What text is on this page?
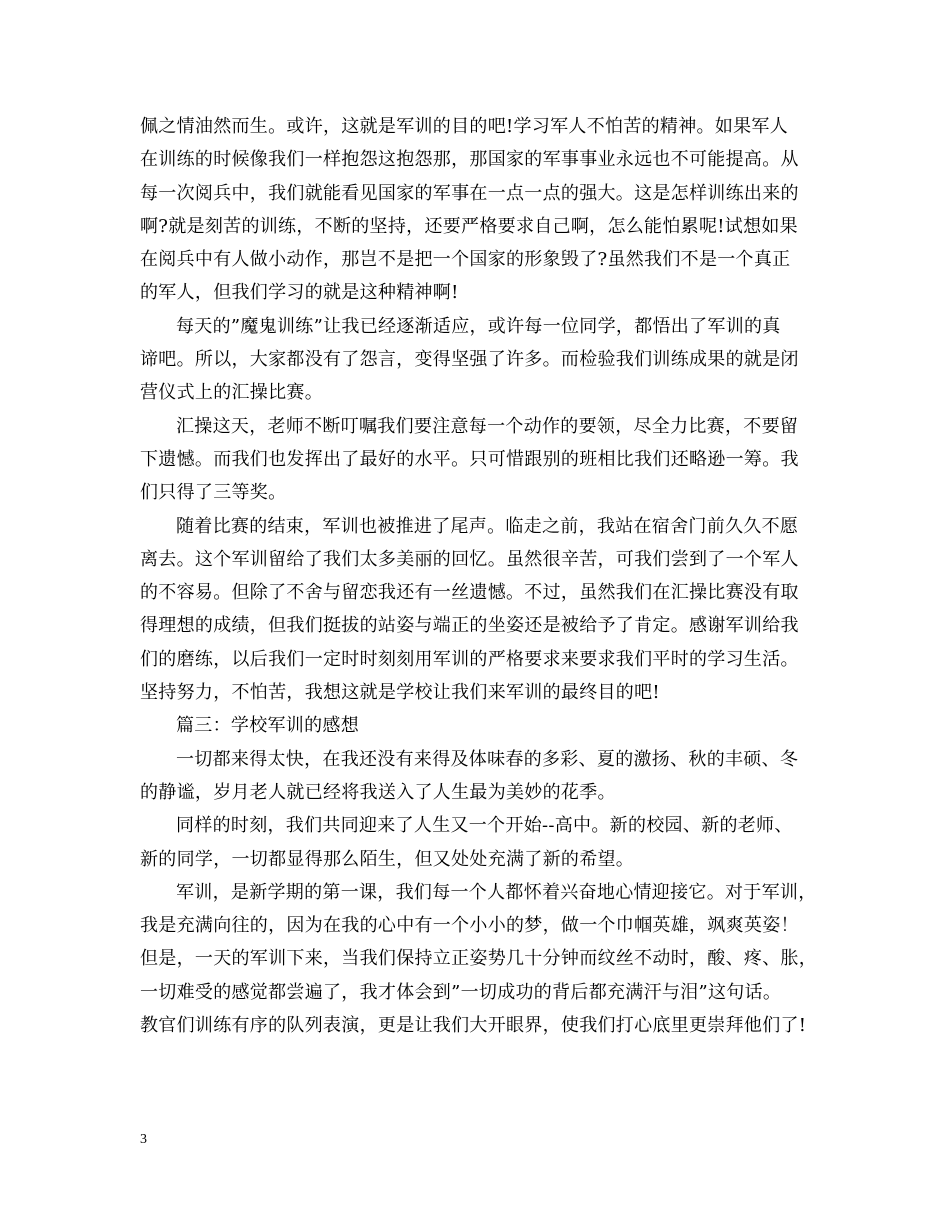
佩之情油然而生。或许，这就是军训的目的吧!学习军人不怕苦的精神。如果军人
在训练的时候像我们一样抱怨这抱怨那，那国家的军事事业永远也不可能提高。从
每一次阅兵中，我们就能看见国家的军事在一点一点的强大。这是怎样训练出来的
啊?就是刻苦的训练，不断的坚持，还要严格要求自己啊，怎么能怕累呢!试想如果
在阅兵中有人做小动作，那岂不是把一个国家的形象毁了?虽然我们不是一个真正
的军人，但我们学习的就是这种精神啊!
每天的”魔鬼训练”让我已经逐渐适应，或许每一位同学，都悟出了军训的真
谛吧。所以，大家都没有了怨言，变得坚强了许多。而检验我们训练成果的就是闭
营仪式上的汇操比赛。
汇操这天，老师不断叮嘱我们要注意每一个动作的要领，尽全力比赛，不要留
下遗憾。而我们也发挥出了最好的水平。只可惜跟别的班相比我们还略逊一筹。我
们只得了三等奖。
随着比赛的结束，军训也被推进了尾声。临走之前，我站在宿舍门前久久不愿
离去。这个军训留给了我们太多美丽的回忆。虽然很辛苦，可我们尝到了一个军人
的不容易。但除了不舍与留恋我还有一丝遗憾。不过，虽然我们在汇操比赛没有取
得理想的成绩，但我们挺拔的站姿与端正的坐姿还是被给予了肯定。感谢军训给我
们的磨练，以后我们一定时时刻刻用军训的严格要求来要求我们平时的学习生活。
坚持努力，不怕苦，我想这就是学校让我们来军训的最终目的吧!
篇三：学校军训的感想
一切都来得太快，在我还没有来得及体味春的多彩、夏的激扬、秋的丰硕、冬
的静谧，岁月老人就已经将我送入了人生最为美妙的花季。
同样的时刻，我们共同迎来了人生又一个开始--高中。新的校园、新的老师、
新的同学，一切都显得那么陌生，但又处处充满了新的希望。
军训，是新学期的第一课，我们每一个人都怀着兴奋地心情迎接它。对于军训，
我是充满向往的，因为在我的心中有一个小小的梦，做一个巾帼英雄，飒爽英姿！
但是，一天的军训下来，当我们保持立正姿势几十分钟而纹丝不动时，酸、疼、胀，
一切难受的感觉都尝遍了，我才体会到”一切成功的背后都充满汗与泪”这句话。
教官们训练有序的队列表演，更是让我们大开眼界，使我们打心底里更崇拜他们了!
3
